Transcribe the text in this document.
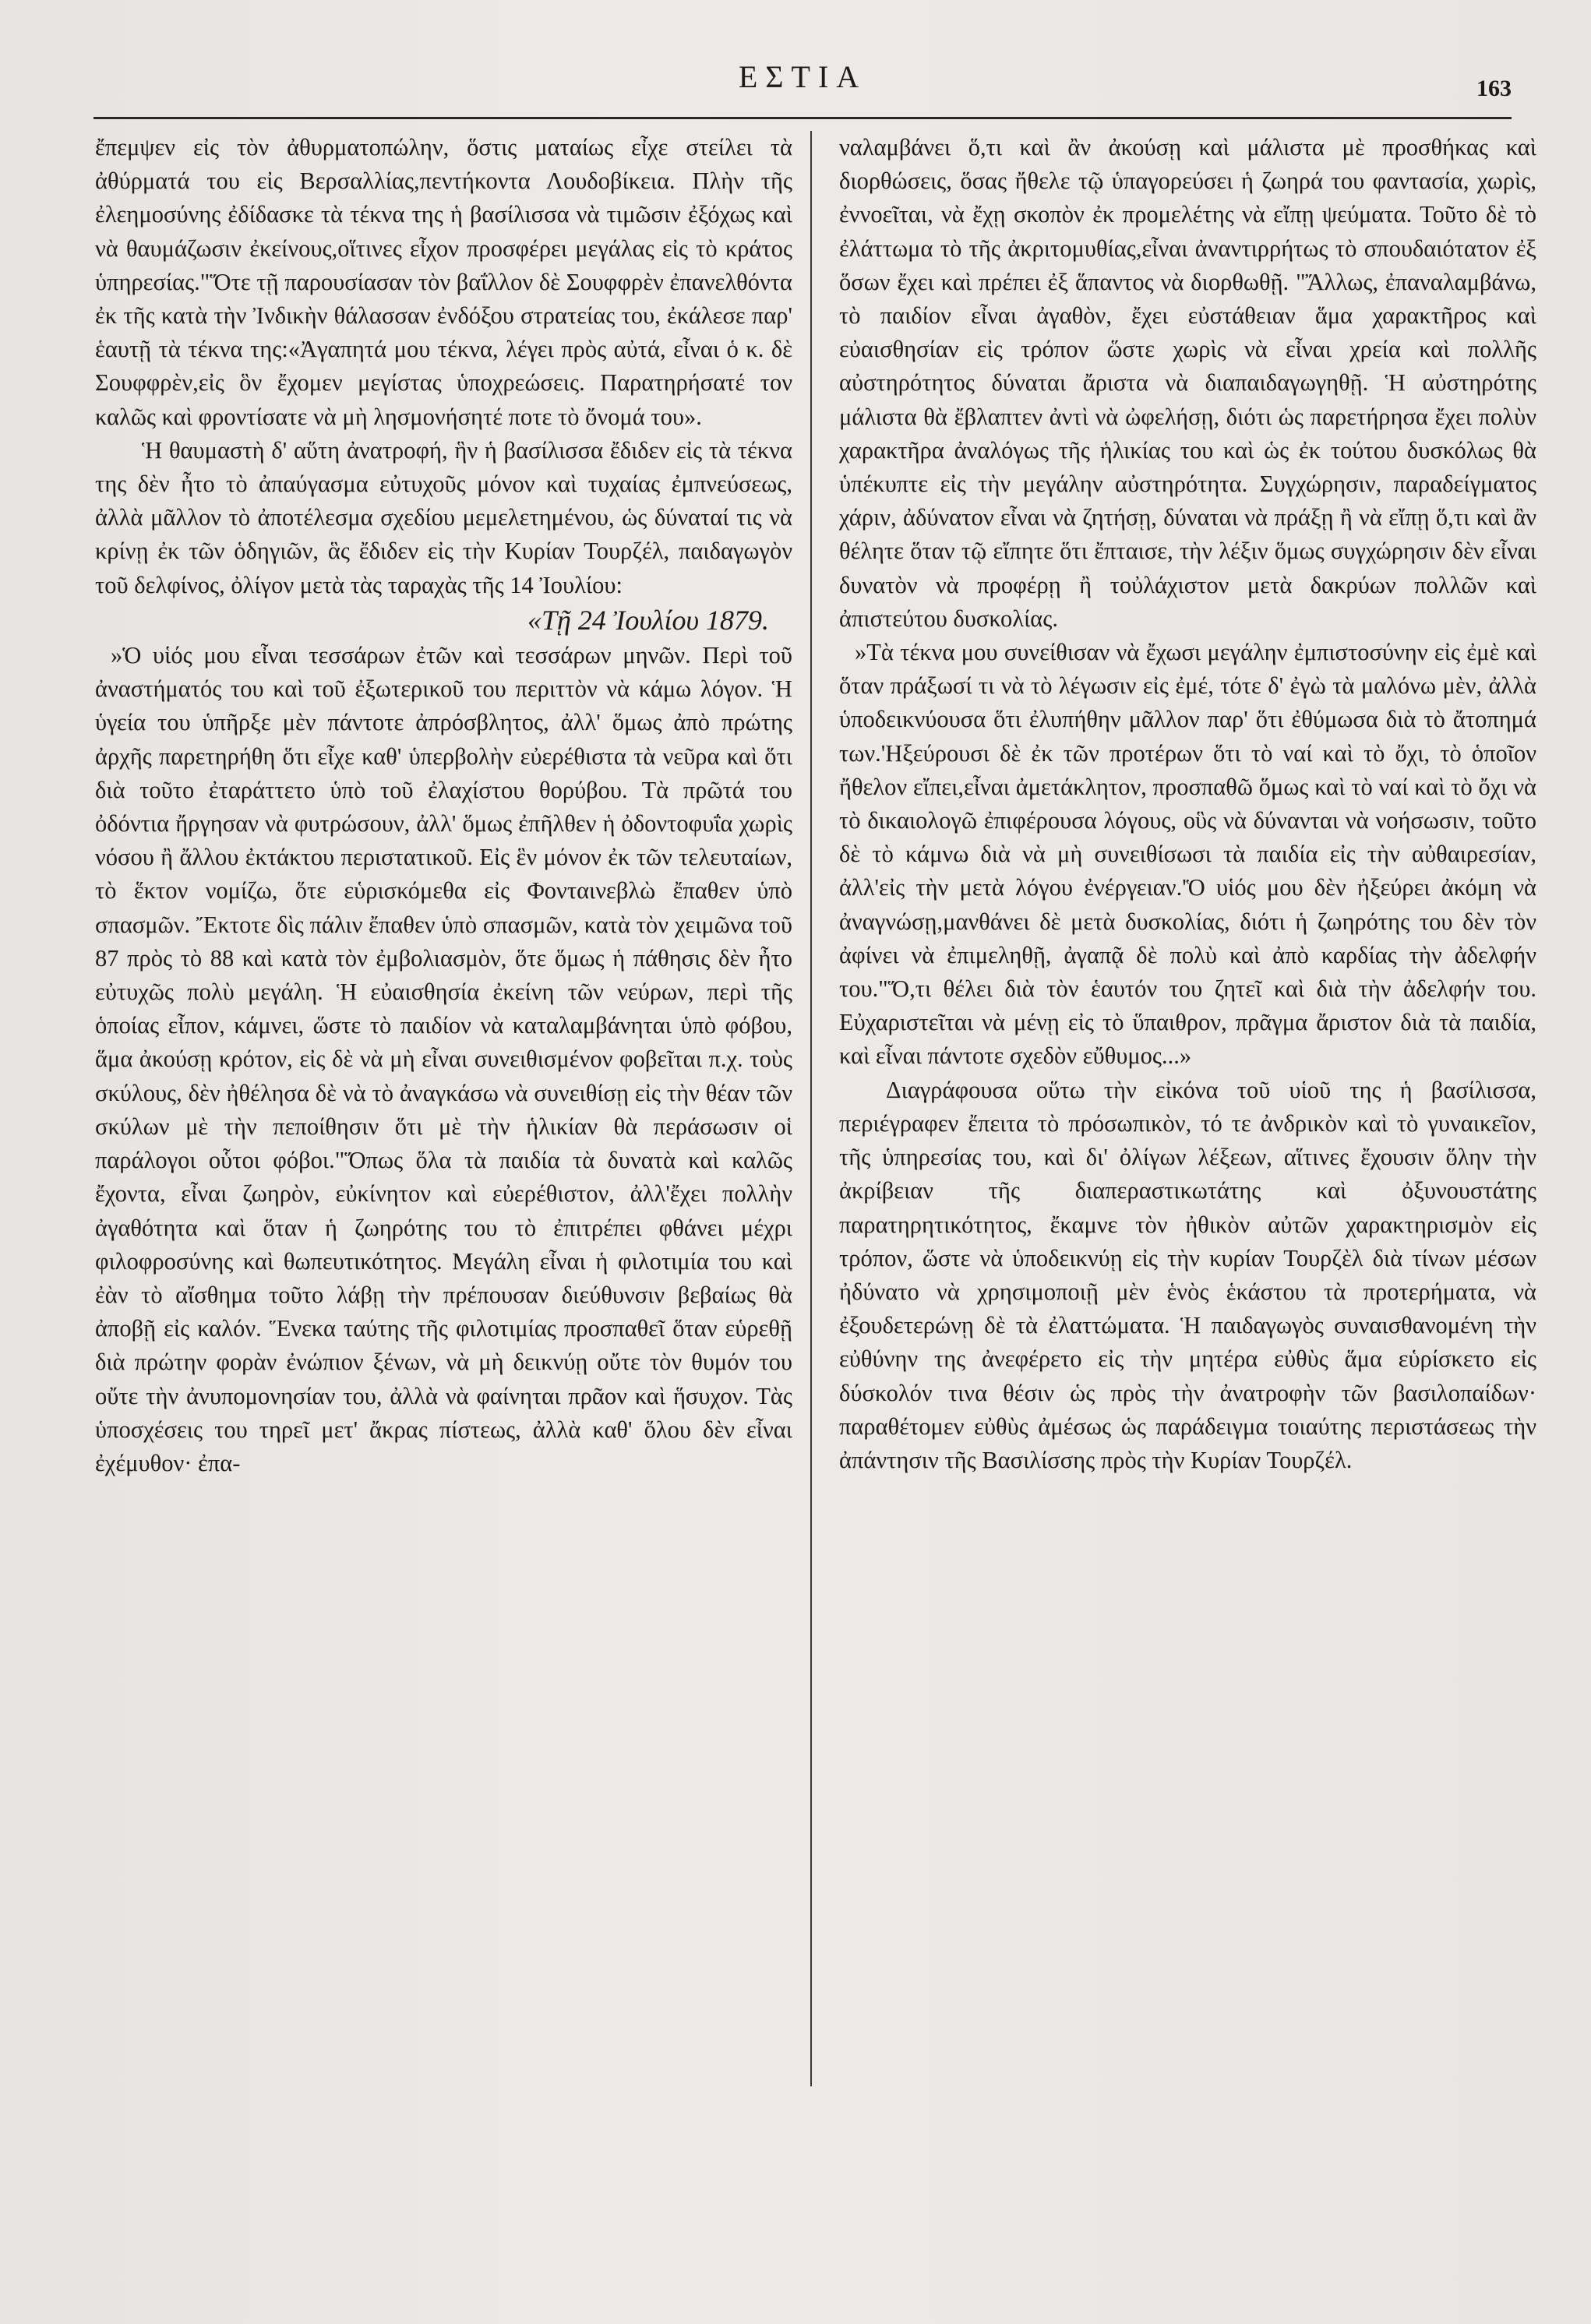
ΕΣΤΙΑ	163

ἔπεμψεν εἰς τὸν ἀθυρματοπώλην, ὅστις ματαίως εἶχε στείλει τὰ ἀθύρματά του εἰς Βερσαλλίας,πεντήκοντα Λουδοβίκεια. Πλὴν τῆς ἐλεημοσύνης ἐδίδασκε τὰ τέκνα της ἡ βασίλισσα νὰ τιμῶσιν ἐξόχως καὶ νὰ θαυμάζωσιν ἐκείνους,οἵτινες εἶχον προσφέρει μεγάλας εἰς τὸ κράτος ὑπηρεσίας."Ὅτε τῇ παρουσίασαν τὸν βαΐλλον δὲ Σουφφρὲν ἐπανελθόντα ἐκ τῆς κατὰ τὴν Ἰνδικὴν θάλασσαν ἐνδόξου στρατείας του, ἐκάλεσε παρ' ἑαυτῇ τὰ τέκνα της:«Ἀγαπητά μου τέκνα, λέγει πρὸς αὐτά, εἶναι ὁ κ. δὲ Σουφφρὲν,εἰς ὃν ἔχομεν μεγίστας ὑποχρεώσεις. Παρατηρήσατέ τον καλῶς καὶ φροντίσατε νὰ μὴ λησμονήσητέ ποτε τὸ ὄνομά του».

Ἡ θαυμαστὴ δ' αὕτη ἀνατροφή, ἣν ἡ βασίλισσα ἔδιδεν εἰς τὰ τέκνα της δὲν ἦτο τὸ ἀπαύγασμα εὐτυχοῦς μόνον καὶ τυχαίας ἐμπνεύσεως, ἀλλὰ μᾶλλον τὸ ἀποτέλεσμα σχεδίου μεμελετημένου, ὡς δύναταί τις νὰ κρίνῃ ἐκ τῶν ὁδηγιῶν, ἃς ἔδιδεν εἰς τὴν Κυρίαν Τουρζέλ, παιδαγωγὸν τοῦ δελφίνος, ὀλίγον μετὰ τὰς ταραχὰς τῆς 14 Ἰουλίου:

«Τῇ 24 Ἰουλίου 1879.

»Ὁ υἱός μου εἶναι τεσσάρων ἐτῶν καὶ τεσσάρων μηνῶν. Περὶ τοῦ ἀναστήματός του καὶ τοῦ ἐξωτερικοῦ του περιττὸν νὰ κάμω λόγον. Ἡ ὑγεία του ὑπῆρξε μὲν πάντοτε ἀπρόσβλητος, ἀλλ' ὅμως ἀπὸ πρώτης ἀρχῆς παρετηρήθη ὅτι εἶχε καθ' ὑπερβολὴν εὐερέθιστα τὰ νεῦρα καὶ ὅτι διὰ τοῦτο ἐταράττετο ὑπὸ τοῦ ἐλαχίστου θορύβου. Τὰ πρῶτά του ὀδόντια ἤργησαν νὰ φυτρώσουν, ἀλλ' ὅμως ἐπῆλθεν ἡ ὀδοντοφυΐα χωρὶς νόσου ἢ ἄλλου ἐκτάκτου περιστατικοῦ. Εἰς ἓν μόνον ἐκ τῶν τελευταίων, τὸ ἕκτον νομίζω, ὅτε εὑρισκόμεθα εἰς Φονταινεβλὼ ἔπαθεν ὑπὸ σπασμῶν. Ἔκτοτε δὶς πάλιν ἔπαθεν ὑπὸ σπασμῶν, κατὰ τὸν χειμῶνα τοῦ 87 πρὸς τὸ 88 καὶ κατὰ τὸν ἐμβολιασμὸν, ὅτε ὅμως ἡ πάθησις δὲν ἦτο εὐτυχῶς πολὺ μεγάλη. Ἡ εὐαισθησία ἐκείνη τῶν νεύρων, περὶ τῆς ὁποίας εἶπον, κάμνει, ὥστε τὸ παιδίον νὰ καταλαμβάνηται ὑπὸ φόβου, ἅμα ἀκούσῃ κρότον, εἰς δὲ νὰ μὴ εἶναι συνειθισμένον φοβεῖται π.χ. τοὺς σκύλους, δὲν ἠθέλησα δὲ νὰ τὸ ἀναγκάσω νὰ συνειθίσῃ εἰς τὴν θέαν τῶν σκύλων μὲ τὴν πεποίθησιν ὅτι μὲ τὴν ἡλικίαν θὰ περάσωσιν οἱ παράλογοι οὗτοι φόβοι."Ὅπως ὅλα τὰ παιδία τὰ δυνατὰ καὶ καλῶς ἔχοντα, εἶναι ζωηρὸν, εὐκίνητον καὶ εὐερέθιστον, ἀλλ'ἔχει πολλὴν ἀγαθότητα καὶ ὅταν ἡ ζωηρότης του τὸ ἐπιτρέπει φθάνει μέχρι φιλοφροσύνης καὶ θωπευτικότητος. Μεγάλη εἶναι ἡ φιλοτιμία του καὶ ἐὰν τὸ αἴσθημα τοῦτο λάβῃ τὴν πρέπουσαν διεύθυνσιν βεβαίως θὰ ἀποβῇ εἰς καλόν. Ἕνεκα ταύτης τῆς φιλοτιμίας προσπαθεῖ ὅταν εὑρεθῇ διὰ πρώτην φορὰν ἐνώπιον ξένων, νὰ μὴ δεικνύῃ οὔτε τὸν θυμόν του οὔτε τὴν ἀνυπομονησίαν του, ἀλλὰ νὰ φαίνηται πρᾶον καὶ ἥσυχον. Τὰς ὑποσχέσεις του τηρεῖ μετ' ἄκρας πίστεως, ἀλλὰ καθ' ὅλου δὲν εἶναι ἐχέμυθον· ἐπα-

ναλαμβάνει ὅ,τι καὶ ἂν ἀκούσῃ καὶ μάλιστα μὲ προσθήκας καὶ διορθώσεις, ὅσας ἤθελε τῷ ὑπαγορεύσει ἡ ζωηρά του φαντασία, χωρὶς, ἐννοεῖται, νὰ ἔχῃ σκοπὸν ἐκ προμελέτης νὰ εἴπῃ ψεύματα. Τοῦτο δὲ τὸ ἐλάττωμα τὸ τῆς ἀκριτομυθίας,εἶναι ἀναντιρρήτως τὸ σπουδαιότατον ἐξ ὅσων ἔχει καὶ πρέπει ἐξ ἅπαντος νὰ διορθωθῇ. "Ἄλλως, ἐπαναλαμβάνω, τὸ παιδίον εἶναι ἀγαθὸν, ἔχει εὐστάθειαν ἅμα χαρακτῆρος καὶ εὐαισθησίαν εἰς τρόπον ὥστε χωρὶς νὰ εἶναι χρεία καὶ πολλῆς αὐστηρότητος δύναται ἄριστα νὰ διαπαιδαγωγηθῇ. Ἡ αὐστηρότης μάλιστα θὰ ἔβλαπτεν ἀντὶ νὰ ὠφελήσῃ, διότι ὡς παρετήρησα ἔχει πολὺν χαρακτῆρα ἀναλόγως τῆς ἡλικίας του καὶ ὡς ἐκ τούτου δυσκόλως θὰ ὑπέκυπτε εἰς τὴν μεγάλην αὐστηρότητα. Συγχώρησιν, παραδείγματος χάριν, ἀδύνατον εἶναι νὰ ζητήσῃ, δύναται νὰ πράξῃ ἢ νὰ εἴπῃ ὅ,τι καὶ ἂν θέλητε ὅταν τῷ εἴπητε ὅτι ἔπταισε, τὴν λέξιν ὅμως συγχώρησιν δὲν εἶναι δυνατὸν νὰ προφέρῃ ἢ τοὐλάχιστον μετὰ δακρύων πολλῶν καὶ ἀπιστεύτου δυσκολίας.

»Τὰ τέκνα μου συνείθισαν νὰ ἔχωσι μεγάλην ἐμπιστοσύνην εἰς ἐμὲ καὶ ὅταν πράξωσί τι νὰ τὸ λέγωσιν εἰς ἐμέ, τότε δ' ἐγὼ τὰ μαλόνω μὲν, ἀλλὰ ὑποδεικνύουσα ὅτι ἐλυπήθην μᾶλλον παρ' ὅτι ἐθύμωσα διὰ τὸ ἄτοπημά των.'Ηξεύρουσι δὲ ἐκ τῶν προτέρων ὅτι τὸ ναί καὶ τὸ ὄχι, τὸ ὁποῖον ἤθελον εἴπει,εἶναι ἀμετάκλητον, προσπαθῶ ὅμως καὶ τὸ ναί καὶ τὸ ὄχι νὰ τὸ δικαιολογῶ ἐπιφέρουσα λόγους, οὓς νὰ δύνανται νὰ νοήσωσιν, τοῦτο δὲ τὸ κάμνω διὰ νὰ μὴ συνειθίσωσι τὰ παιδία εἰς τὴν αὐθαιρεσίαν, ἀλλ'εἰς τὴν μετὰ λόγου ἐνέργειαν.'Ὁ υἱός μου δὲν ἠξεύρει ἀκόμη νὰ ἀναγνώσῃ,μανθάνει δὲ μετὰ δυσκολίας, διότι ἡ ζωηρότης του δὲν τὸν ἀφίνει νὰ ἐπιμεληθῇ, ἀγαπᾷ δὲ πολὺ καὶ ἀπὸ καρδίας τὴν ἀδελφήν του."Ὅ,τι θέλει διὰ τὸν ἑαυτόν του ζητεῖ καὶ διὰ τὴν ἀδελφήν του. Εὐχαριστεῖται νὰ μένῃ εἰς τὸ ὕπαιθρον, πρᾶγμα ἄριστον διὰ τὰ παιδία, καὶ εἶναι πάντοτε σχεδὸν εὔθυμος...»

Διαγράφουσα οὕτω τὴν εἰκόνα τοῦ υἱοῦ της ἡ βασίλισσα, περιέγραφεν ἔπειτα τὸ πρόσωπικὸν, τό τε ἀνδρικὸν καὶ τὸ γυναικεῖον, τῆς ὑπηρεσίας του, καὶ δι' ὀλίγων λέξεων, αἵτινες ἔχουσιν ὅλην τὴν ἀκρίβειαν τῆς διαπεραστικωτάτης καὶ ὀξυνουστάτης παρατηρητικότητος, ἔκαμνε τὸν ἠθικὸν αὐτῶν χαρακτηρισμὸν εἰς τρόπον, ὥστε νὰ ὑποδεικνύῃ εἰς τὴν κυρίαν Τουρζὲλ διὰ τίνων μέσων ἠδύνατο νὰ χρησιμοποιῇ μὲν ἑνὸς ἑκάστου τὰ προτερήματα, νὰ ἐξουδετερώνῃ δὲ τὰ ἐλαττώματα. Ἡ παιδαγωγὸς συναισθανομένη τὴν εὐθύνην της ἀνεφέρετο εἰς τὴν μητέρα εὐθὺς ἅμα εὑρίσκετο εἰς δύσκολόν τινα θέσιν ὡς πρὸς τὴν ἀνατροφὴν τῶν βασιλοπαίδων· παραθέτομεν εὐθὺς ἀμέσως ὡς παράδειγμα τοιαύτης περιστάσεως τὴν ἀπάντησιν τῆς Βασιλίσσης πρὸς τὴν Κυρίαν Τουρζέλ.
